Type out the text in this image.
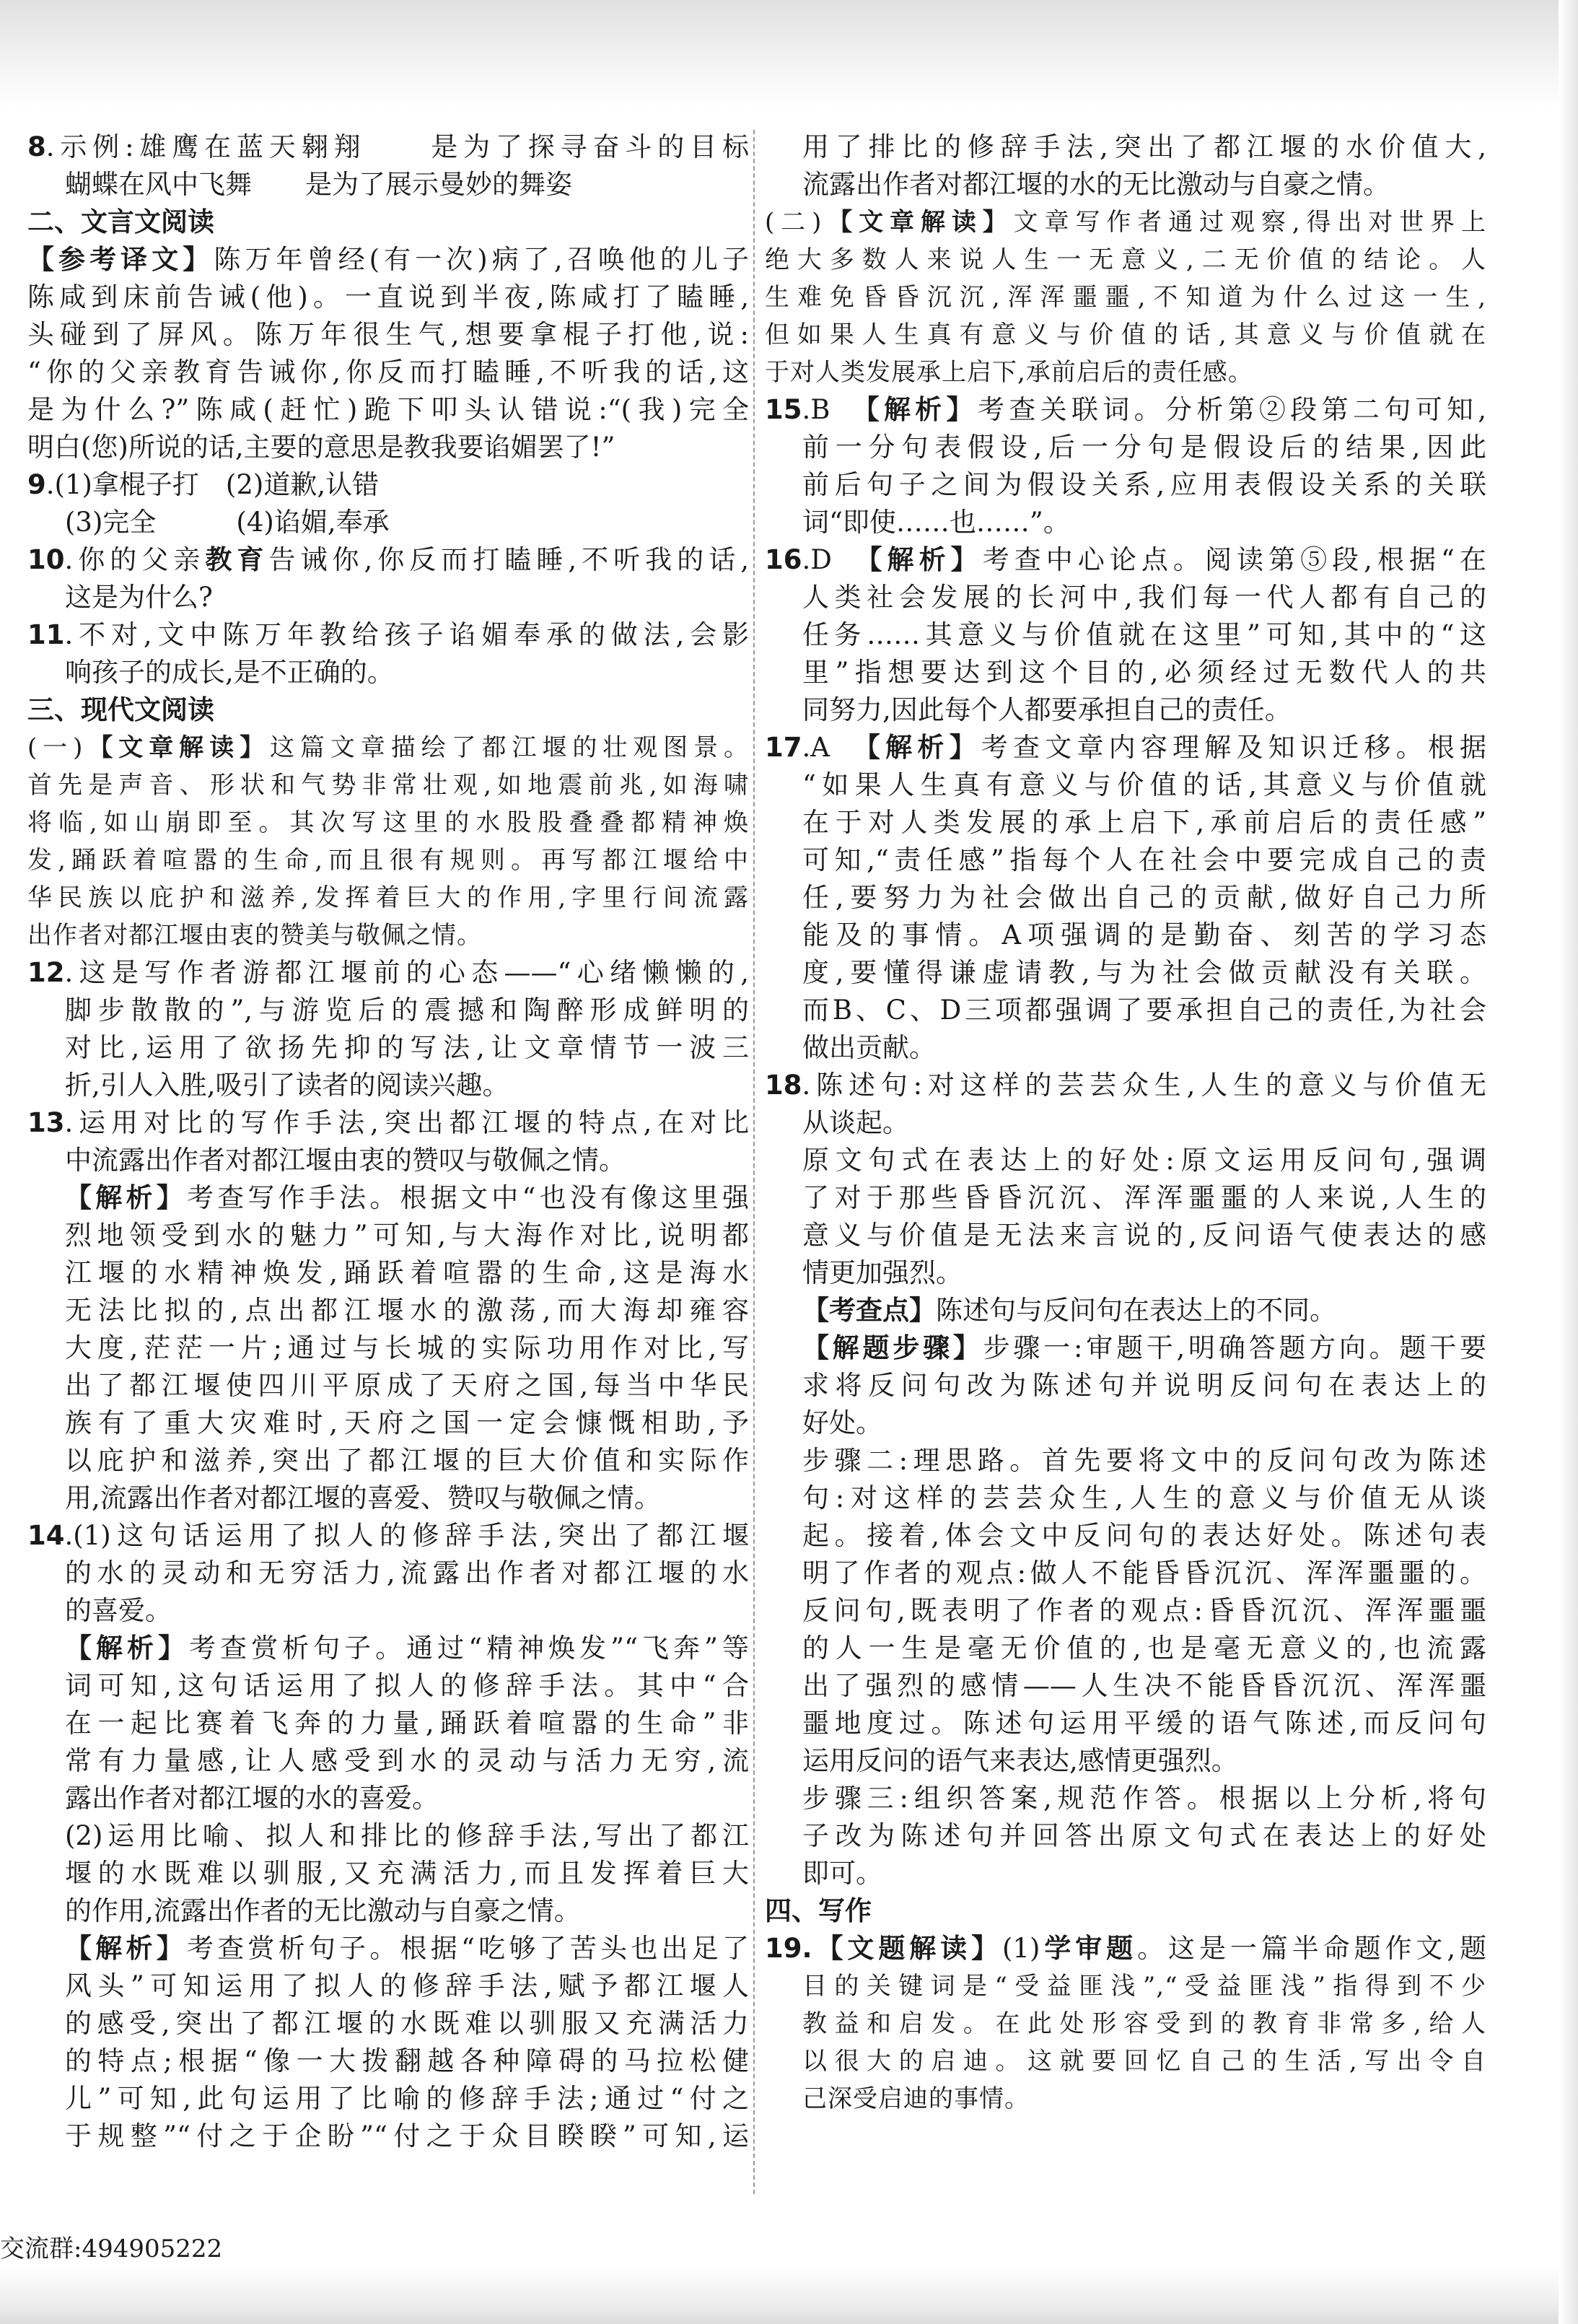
8.示例:雄鹰在蓝天翱翔　　是为了探寻奋斗的目标
蝴蝶在风中飞舞　　是为了展示曼妙的舞姿
二、文言文阅读
【参考译文】陈万年曾经(有一次)病了,召唤他的儿子
陈咸到床前告诫(他)。一直说到半夜,陈咸打了瞌睡,
头碰到了屏风。陈万年很生气,想要拿棍子打他,说:
“你的父亲教育告诫你,你反而打瞌睡,不听我的话,这
是为什么?”陈咸(赶忙)跪下叩头认错说:“(我)完全
明白(您)所说的话,主要的意思是教我要谄媚罢了!”
9.(1)拿棍子打　(2)道歉,认错
(3)完全　　　(4)谄媚,奉承
10.你的父亲教育告诫你,你反而打瞌睡,不听我的话,
这是为什么?
11.不对,文中陈万年教给孩子谄媚奉承的做法,会影
响孩子的成长,是不正确的。
三、现代文阅读
(一)【文章解读】这篇文章描绘了都江堰的壮观图景。
首先是声音、形状和气势非常壮观,如地震前兆,如海啸
将临,如山崩即至。其次写这里的水股股叠叠都精神焕
发,踊跃着喧嚣的生命,而且很有规则。再写都江堰给中
华民族以庇护和滋养,发挥着巨大的作用,字里行间流露
出作者对都江堰由衷的赞美与敬佩之情。
12.这是写作者游都江堰前的心态——“心绪懒懒的,
脚步散散的”,与游览后的震撼和陶醉形成鲜明的
对比,运用了欲扬先抑的写法,让文章情节一波三
折,引人入胜,吸引了读者的阅读兴趣。
13.运用对比的写作手法,突出都江堰的特点,在对比
中流露出作者对都江堰由衷的赞叹与敬佩之情。
【解析】考查写作手法。根据文中“也没有像这里强
烈地领受到水的魅力”可知,与大海作对比,说明都
江堰的水精神焕发,踊跃着喧嚣的生命,这是海水
无法比拟的,点出都江堰水的激荡,而大海却雍容
大度,茫茫一片;通过与长城的实际功用作对比,写
出了都江堰使四川平原成了天府之国,每当中华民
族有了重大灾难时,天府之国一定会慷慨相助,予
以庇护和滋养,突出了都江堰的巨大价值和实际作
用,流露出作者对都江堰的喜爱、赞叹与敬佩之情。
14.(1)这句话运用了拟人的修辞手法,突出了都江堰
的水的灵动和无穷活力,流露出作者对都江堰的水
的喜爱。
【解析】考查赏析句子。通过“精神焕发”“飞奔”等
词可知,这句话运用了拟人的修辞手法。其中“合
在一起比赛着飞奔的力量,踊跃着喧嚣的生命”非
常有力量感,让人感受到水的灵动与活力无穷,流
露出作者对都江堰的水的喜爱。
(2)运用比喻、拟人和排比的修辞手法,写出了都江
堰的水既难以驯服,又充满活力,而且发挥着巨大
的作用,流露出作者的无比激动与自豪之情。
【解析】考查赏析句子。根据“吃够了苦头也出足了
风头”可知运用了拟人的修辞手法,赋予都江堰人
的感受,突出了都江堰的水既难以驯服又充满活力
的特点;根据“像一大拨翻越各种障碍的马拉松健
儿”可知,此句运用了比喻的修辞手法;通过“付之
于规整”“付之于企盼”“付之于众目睽睽”可知,运
用了排比的修辞手法,突出了都江堰的水价值大,
流露出作者对都江堰的水的无比激动与自豪之情。
(二)【文章解读】文章写作者通过观察,得出对世界上
绝大多数人来说人生一无意义,二无价值的结论。人
生难免昏昏沉沉,浑浑噩噩,不知道为什么过这一生,
但如果人生真有意义与价值的话,其意义与价值就在
于对人类发展承上启下,承前启后的责任感。
15.B　【解析】考查关联词。分析第②段第二句可知,
前一分句表假设,后一分句是假设后的结果,因此
前后句子之间为假设关系,应用表假设关系的关联
词“即使……也……”。
16.D　【解析】考查中心论点。阅读第⑤段,根据“在
人类社会发展的长河中,我们每一代人都有自己的
任务……其意义与价值就在这里”可知,其中的“这
里”指想要达到这个目的,必须经过无数代人的共
同努力,因此每个人都要承担自己的责任。
17.A　【解析】考查文章内容理解及知识迁移。根据
“如果人生真有意义与价值的话,其意义与价值就
在于对人类发展的承上启下,承前启后的责任感”
可知,“责任感”指每个人在社会中要完成自己的责
任,要努力为社会做出自己的贡献,做好自己力所
能及的事情。A项强调的是勤奋、刻苦的学习态
度,要懂得谦虚请教,与为社会做贡献没有关联。
而B、C、D三项都强调了要承担自己的责任,为社会
做出贡献。
18.陈述句:对这样的芸芸众生,人生的意义与价值无
从谈起。
原文句式在表达上的好处:原文运用反问句,强调
了对于那些昏昏沉沉、浑浑噩噩的人来说,人生的
意义与价值是无法来言说的,反问语气使表达的感
情更加强烈。
【考查点】陈述句与反问句在表达上的不同。
【解题步骤】步骤一:审题干,明确答题方向。题干要
求将反问句改为陈述句并说明反问句在表达上的
好处。
步骤二:理思路。首先要将文中的反问句改为陈述
句:对这样的芸芸众生,人生的意义与价值无从谈
起。接着,体会文中反问句的表达好处。陈述句表
明了作者的观点:做人不能昏昏沉沉、浑浑噩噩的。
反问句,既表明了作者的观点:昏昏沉沉、浑浑噩噩
的人一生是毫无价值的,也是毫无意义的,也流露
出了强烈的感情——人生决不能昏昏沉沉、浑浑噩
噩地度过。陈述句运用平缓的语气陈述,而反问句
运用反问的语气来表达,感情更强烈。
步骤三:组织答案,规范作答。根据以上分析,将句
子改为陈述句并回答出原文句式在表达上的好处
即可。
四、写作
19.【文题解读】(1)学审题。这是一篇半命题作文,题
目的关键词是“受益匪浅”,“受益匪浅”指得到不少
教益和启发。在此处形容受到的教育非常多,给人
以很大的启迪。这就要回忆自己的生活,写出令自
己深受启迪的事情。
交流群:494905222
